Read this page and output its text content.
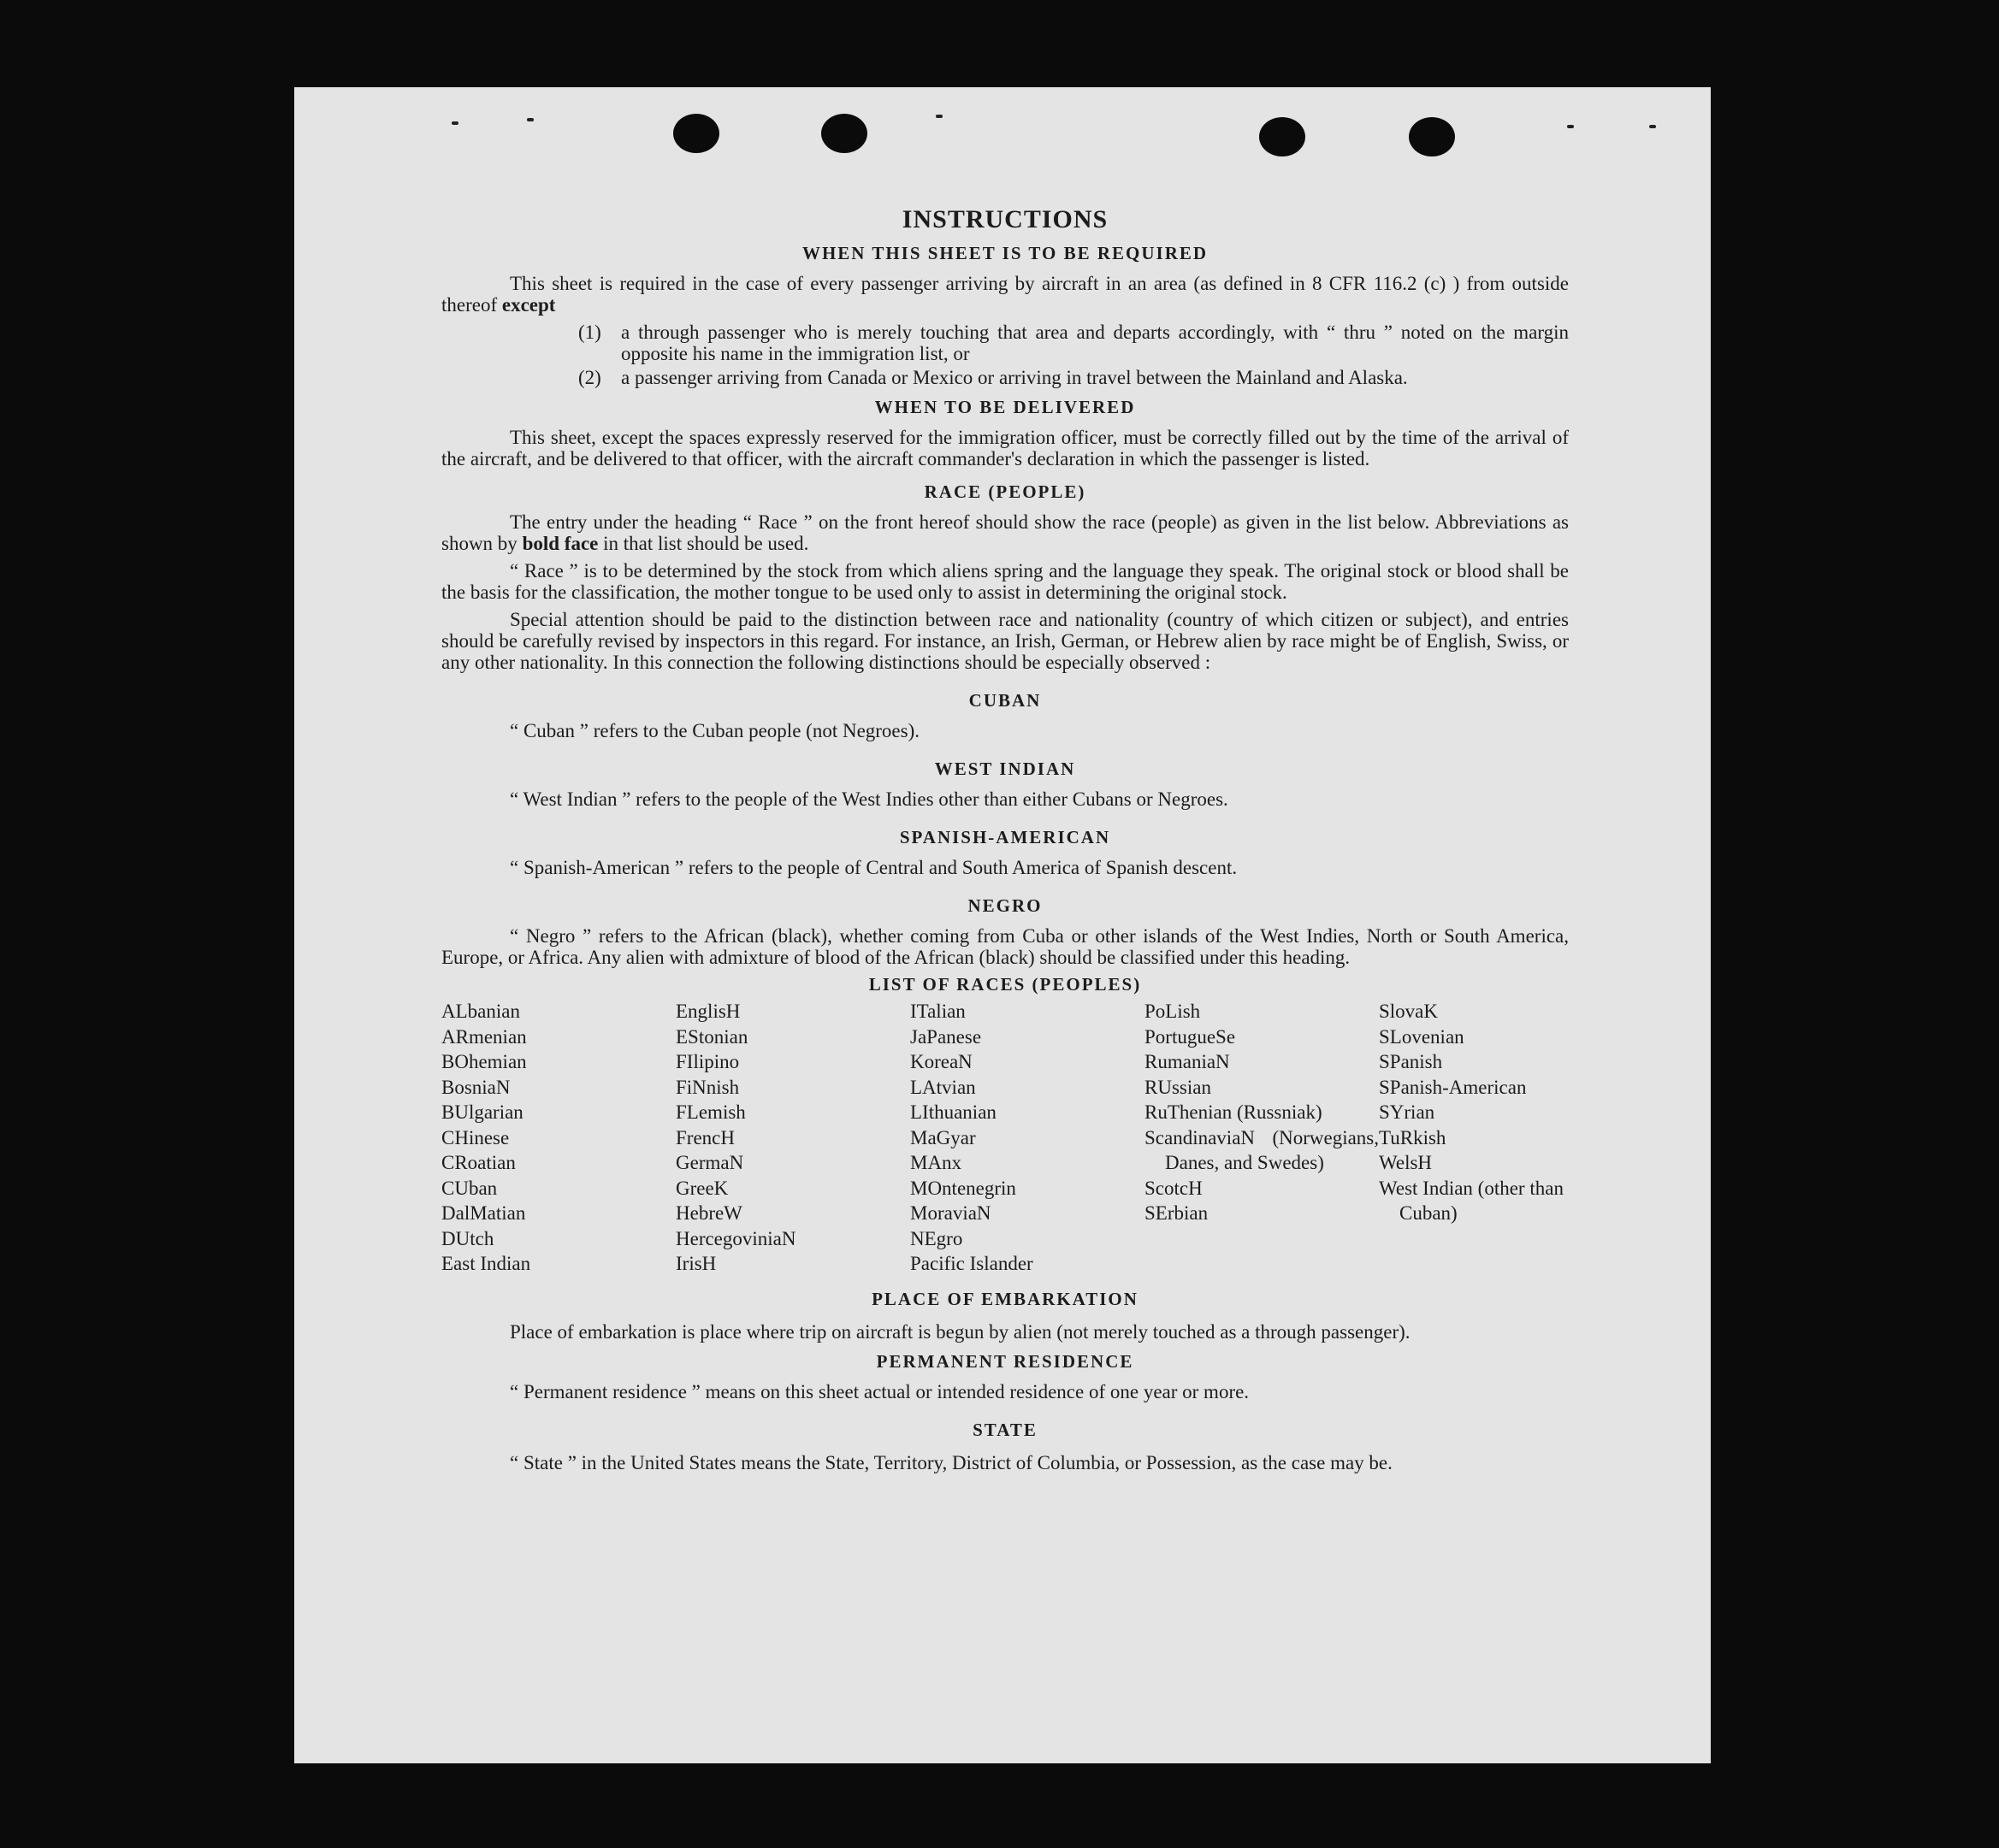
INSTRUCTIONS
WHEN THIS SHEET IS TO BE REQUIRED

This sheet is required in the case of every passenger arriving by aircraft in an area (as defined in 8 CFR 116.2 (c) ) from outside thereof except

(1)	a through passenger who is merely touching that area and departs accordingly, with “ thru ” noted on the margin opposite his name in the immigration list, or
(2)	a passenger arriving from Canada or Mexico or arriving in travel between the Mainland and Alaska.
WHEN TO BE DELIVERED

This sheet, except the spaces expressly reserved for the immigration officer, must be correctly filled out by the time of the arrival of the aircraft, and be delivered to that officer, with the aircraft commander's declaration in which the passenger is listed.

RACE (PEOPLE)

The entry under the heading “ Race ” on the front hereof should show the race (people) as given in the list below. Abbreviations as shown by bold face in that list should be used.

“ Race ” is to be determined by the stock from which aliens spring and the language they speak. The original stock or blood shall be the basis for the classification, the mother tongue to be used only to assist in determining the original stock.

Special attention should be paid to the distinction between race and nationality (country of which citizen or subject), and entries should be carefully revised by inspectors in this regard. For instance, an Irish, German, or Hebrew alien by race might be of English, Swiss, or any other nationality. In this connection the following distinctions should be especially observed :

CUBAN

“ Cuban ” refers to the Cuban people (not Negroes).

WEST INDIAN

“ West Indian ” refers to the people of the West Indies other than either Cubans or Negroes.

SPANISH-AMERICAN

“ Spanish-American ” refers to the people of Central and South America of Spanish descent.

NEGRO

“ Negro ” refers to the African (black), whether coming from Cuba or other islands of the West Indies, North or South America, Europe, or Africa. Any alien with admixture of blood of the African (black) should be classified under this heading.

LIST OF RACES (PEOPLES)
ALbanian
ARmenian
BOhemian
BosniaN
BUlgarian
CHinese
CRoatian
CUban
DalMatian
DUtch
East Indian
EnglisH
EStonian
FIlipino
FiNnish
FLemish
FrencH
GermaN
GreeK
HebreW
HercegoviniaN
IrisH
ITalian
JaPanese
KoreaN
LAtvian
LIthuanian
MaGyar
MAnx
MOntenegrin
MoraviaN
NEgro
Pacific Islander
PoLish
PortugueSe
RumaniaN
RUssian
RuThenian (Russniak)
ScandinaviaN (Norwegians, Danes, and Swedes)
ScotcH
SErbian
SlovaK
SLovenian
SPanish
SPanish-American
SYrian
TuRkish
WelsH
West Indian (other than Cuban)
PLACE OF EMBARKATION

Place of embarkation is place where trip on aircraft is begun by alien (not merely touched as a through passenger).

PERMANENT RESIDENCE

“ Permanent residence ” means on this sheet actual or intended residence of one year or more.

STATE

“ State ” in the United States means the State, Territory, District of Columbia, or Possession, as the case may be.
